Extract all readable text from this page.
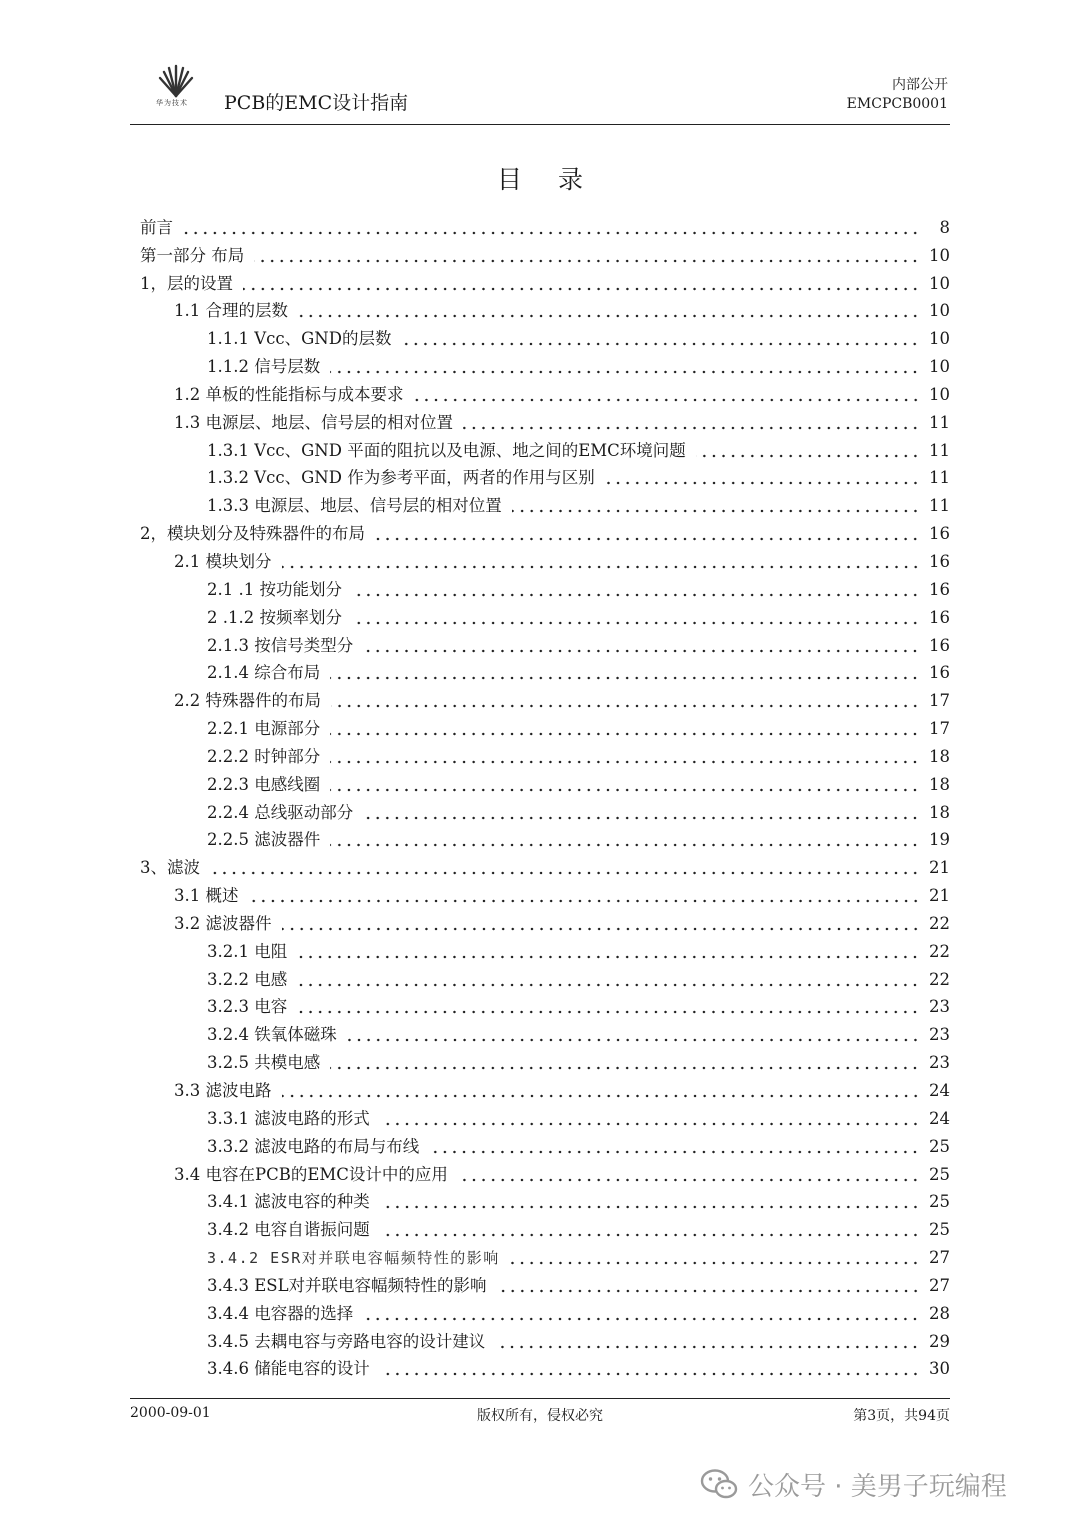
华为技术 PCB的EMC设计指南
内部公开
EMCPCB0001
目 录
前言	8
第一部分 布局	10
1，层的设置	10
1.1 合理的层数	10
1.1.1 Vcc、GND的层数	10
1.1.2 信号层数	10
1.2 单板的性能指标与成本要求	10
1.3 电源层、地层、信号层的相对位置	11
1.3.1 Vcc、GND 平面的阻抗以及电源、地之间的EMC环境问题	11
1.3.2 Vcc、GND 作为参考平面，两者的作用与区别	11
1.3.3 电源层、地层、信号层的相对位置	11
2，模块划分及特殊器件的布局	16
2.1 模块划分	16
2.1 .1 按功能划分	16
2 .1.2 按频率划分	16
2.1.3 按信号类型分	16
2.1.4 综合布局	16
2.2 特殊器件的布局	17
2.2.1 电源部分	17
2.2.2 时钟部分	18
2.2.3 电感线圈	18
2.2.4 总线驱动部分	18
2.2.5 滤波器件	19
3、滤波	21
3.1 概述	21
3.2 滤波器件	22
3.2.1 电阻	22
3.2.2 电感	22
3.2.3 电容	23
3.2.4 铁氧体磁珠	23
3.2.5 共模电感	23
3.3 滤波电路	24
3.3.1 滤波电路的形式	24
3.3.2 滤波电路的布局与布线	25
3.4 电容在PCB的EMC设计中的应用	25
3.4.1 滤波电容的种类	25
3.4.2 电容自谐振问题	25
3.4.2 ESR对并联电容幅频特性的影响	27
3.4.3 ESL对并联电容幅频特性的影响	27
3.4.4 电容器的选择	28
3.4.5 去耦电容与旁路电容的设计建议	29
3.4.6 储能电容的设计	30
2000-09-01	版权所有，侵权必究	第3页，共94页
公众号 · 美男子玩编程
